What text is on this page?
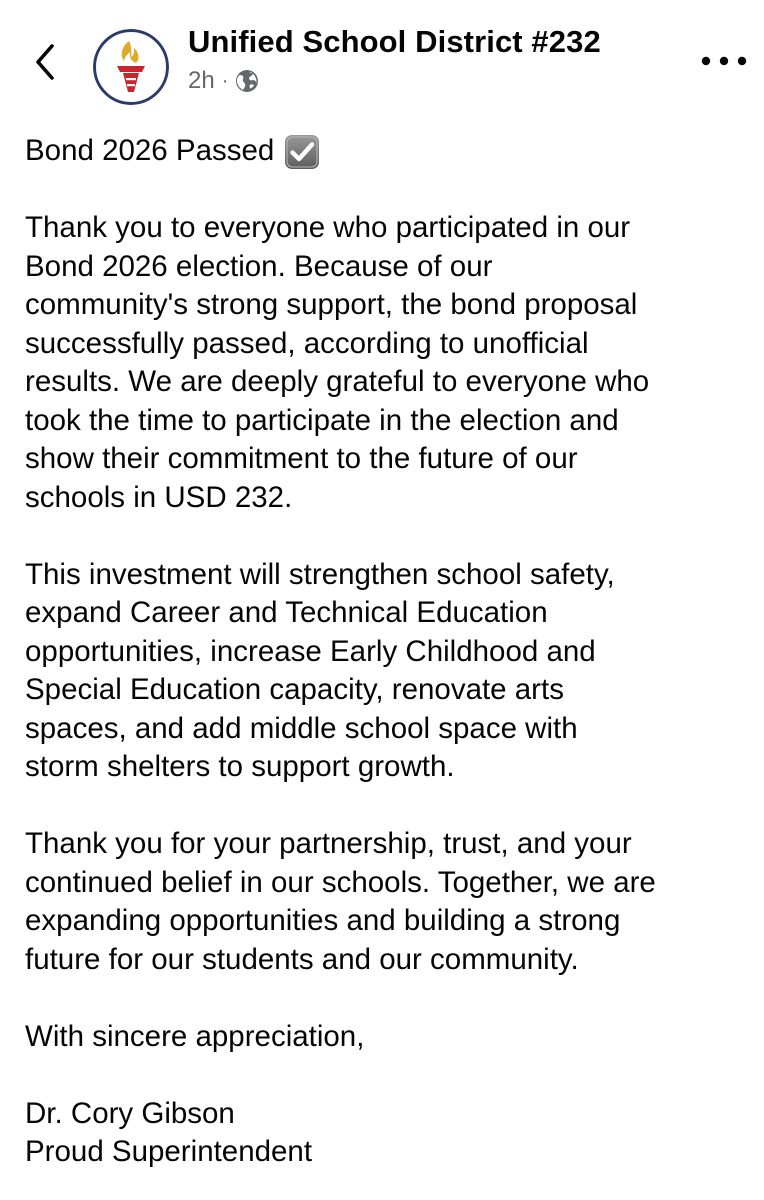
Unified School District #232
2h ·

Bond 2026 Passed

Thank you to everyone who participated in our
Bond 2026 election. Because of our
community's strong support, the bond proposal
successfully passed, according to unofficial
results. We are deeply grateful to everyone who
took the time to participate in the election and
show their commitment to the future of our
schools in USD 232.

This investment will strengthen school safety,
expand Career and Technical Education
opportunities, increase Early Childhood and
Special Education capacity, renovate arts
spaces, and add middle school space with
storm shelters to support growth.

Thank you for your partnership, trust, and your
continued belief in our schools. Together, we are
expanding opportunities and building a strong
future for our students and our community.

With sincere appreciation,

Dr. Cory Gibson

Proud Superintendent
